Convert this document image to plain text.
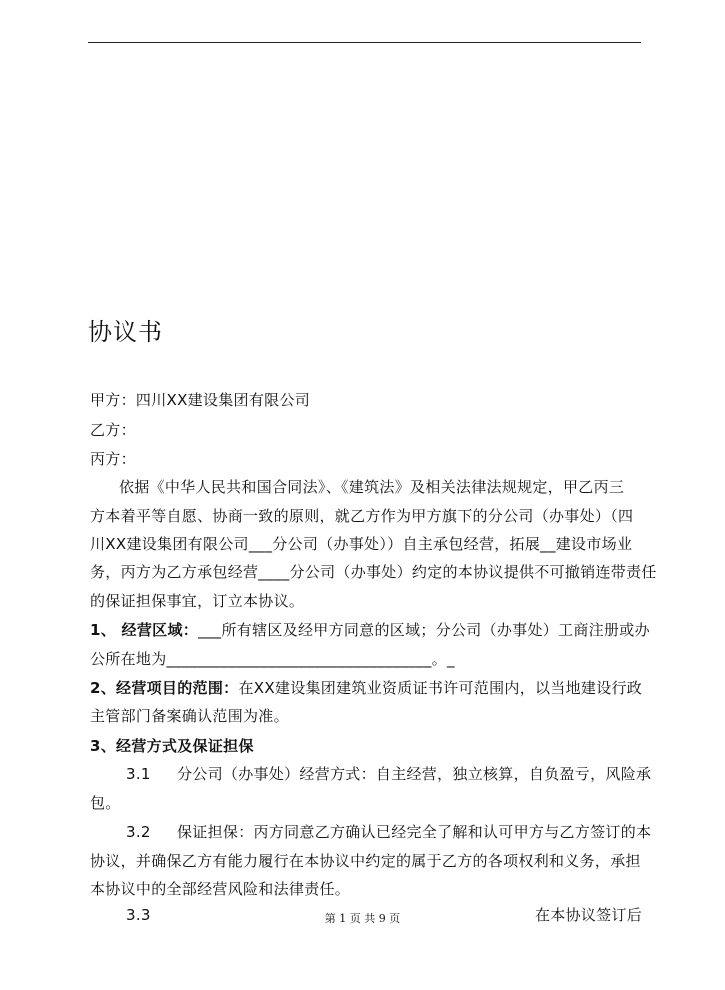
协议书
甲方：四川XX建设集团有限公司
乙方：
丙方：
依据《中华人民共和国合同法》、《建筑法》及相关法律法规规定，甲乙丙三
方本着平等自愿、协商一致的原则，就乙方作为甲方旗下的分公司（办事处）（四
川XX建设集团有限公司___分公司（办事处））自主承包经营，拓展__建设市场业
务，丙方为乙方承包经营____分公司（办事处）约定的本协议提供不可撤销连带责任
的保证担保事宜，订立本协议。
1、 经营区域：___所有辖区及经甲方同意的区域；分公司（办事处）工商注册或办
公所在地为__________________________________。_
2、经营项目的范围：在XX建设集团建筑业资质证书许可范围内，以当地建设行政
主管部门备案确认范围为准。
3、经营方式及保证担保
3.1 分公司（办事处）经营方式：自主经营，独立核算，自负盈亏，风险承
包。
3.2 保证担保：丙方同意乙方确认已经完全了解和认可甲方与乙方签订的本
协议，并确保乙方有能力履行在本协议中约定的属于乙方的各项权利和义务，承担
本协议中的全部经营风险和法律责任。
3.3	在本协议签订后
第 1 页 共 9 页
